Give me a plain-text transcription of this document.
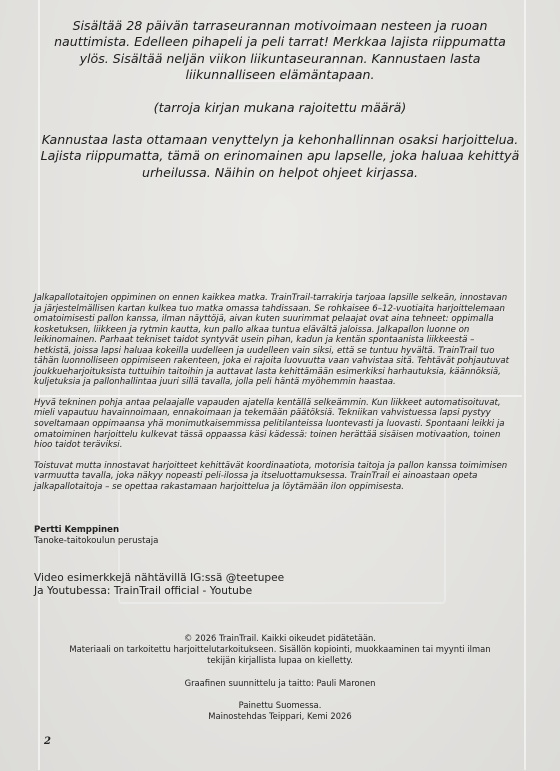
Sisältää 28 päivän tarraseurannan motivoimaan nesteen ja ruoan nauttimista. Edelleen pihapeli ja peli tarrat! Merkkaa lajista riippumatta ylös. Sisältää neljän viikon liikuntaseurannan. Kannustaen lasta liikunnalliseen elämäntapaan.

(tarroja kirjan mukana rajoitettu määrä)

Kannustaa lasta ottamaan venyttelyn ja kehonhallinnan osaksi harjoittelua. Lajista riippumatta, tämä on erinomainen apu lapselle, joka haluaa kehittyä urheilussa. Näihin on helpot ohjeet kirjassa.

Jalkapallotaitojen oppiminen on ennen kaikkea matka. TrainTrail-tarrakirja tarjoaa lapsille selkeän, innostavan ja järjestelmällisen kartan kulkea tuo matka omassa tahdissaan. Se rohkaisee 6–12-vuotiaita harjoittelemaan omatoimisesti pallon kanssa, ilman näyttöjä, aivan kuten suurimmat pelaajat ovat aina tehneet: oppimalla kosketuksen, liikkeen ja rytmin kautta, kun pallo alkaa tuntua elävältä jaloissa. Jalkapallon luonne on leikinomainen. Parhaat tekniset taidot syntyvät usein pihan, kadun ja kentän spontaanista liikkeestä – hetkistä, joissa lapsi haluaa kokeilla uudelleen ja uudelleen vain siksi, että se tuntuu hyvältä. TrainTrail tuo tähän luonnolliseen oppimiseen rakenteen, joka ei rajoita luovuutta vaan vahvistaa sitä. Tehtävät pohjautuvat joukkueharjoituksista tuttuihin taitoihin ja auttavat lasta kehittämään esimerkiksi harhautuksia, käännöksiä, kuljetuksia ja pallonhallintaa juuri sillä tavalla, jolla peli häntä myöhemmin haastaa.

Hyvä tekninen pohja antaa pelaajalle vapauden ajatella kentällä selkeämmin. Kun liikkeet automatisoituvat, mieli vapautuu havainnoimaan, ennakoimaan ja tekemään päätöksiä. Tekniikan vahvistuessa lapsi pystyy soveltamaan oppimaansa yhä monimutkaisemmissa pelitilanteissa luontevasti ja luovasti. Spontaani leikki ja omatoiminen harjoittelu kulkevat tässä oppaassa käsi kädessä: toinen herättää sisäisen motivaation, toinen hioo taidot teräviksi.

Toistuvat mutta innostavat harjoitteet kehittävät koordinaatiota, motorisia taitoja ja pallon kanssa toimimisen varmuutta tavalla, joka näkyy nopeasti peli-ilossa ja itseluottamuksessa. TrainTrail ei ainoastaan opeta jalkapallotaitoja – se opettaa rakastamaan harjoittelua ja löytämään ilon oppimisesta.

Pertti Kemppinen
Tanoke-taitokoulun perustaja
Video esimerkkejä nähtävillä IG:ssä @teetupee
Ja Youtubessa: TrainTrail official - Youtube

© 2026 TrainTrail. Kaikki oikeudet pidätetään.
Materiaali on tarkoitettu harjoittelutarkoitukseen. Sisällön kopiointi, muokkaaminen tai myynti ilman tekijän kirjallista lupaa on kielletty.

Graafinen suunnittelu ja taitto: Pauli Maronen

Painettu Suomessa.
Mainostehdas Teippari, Kemi 2026

2
